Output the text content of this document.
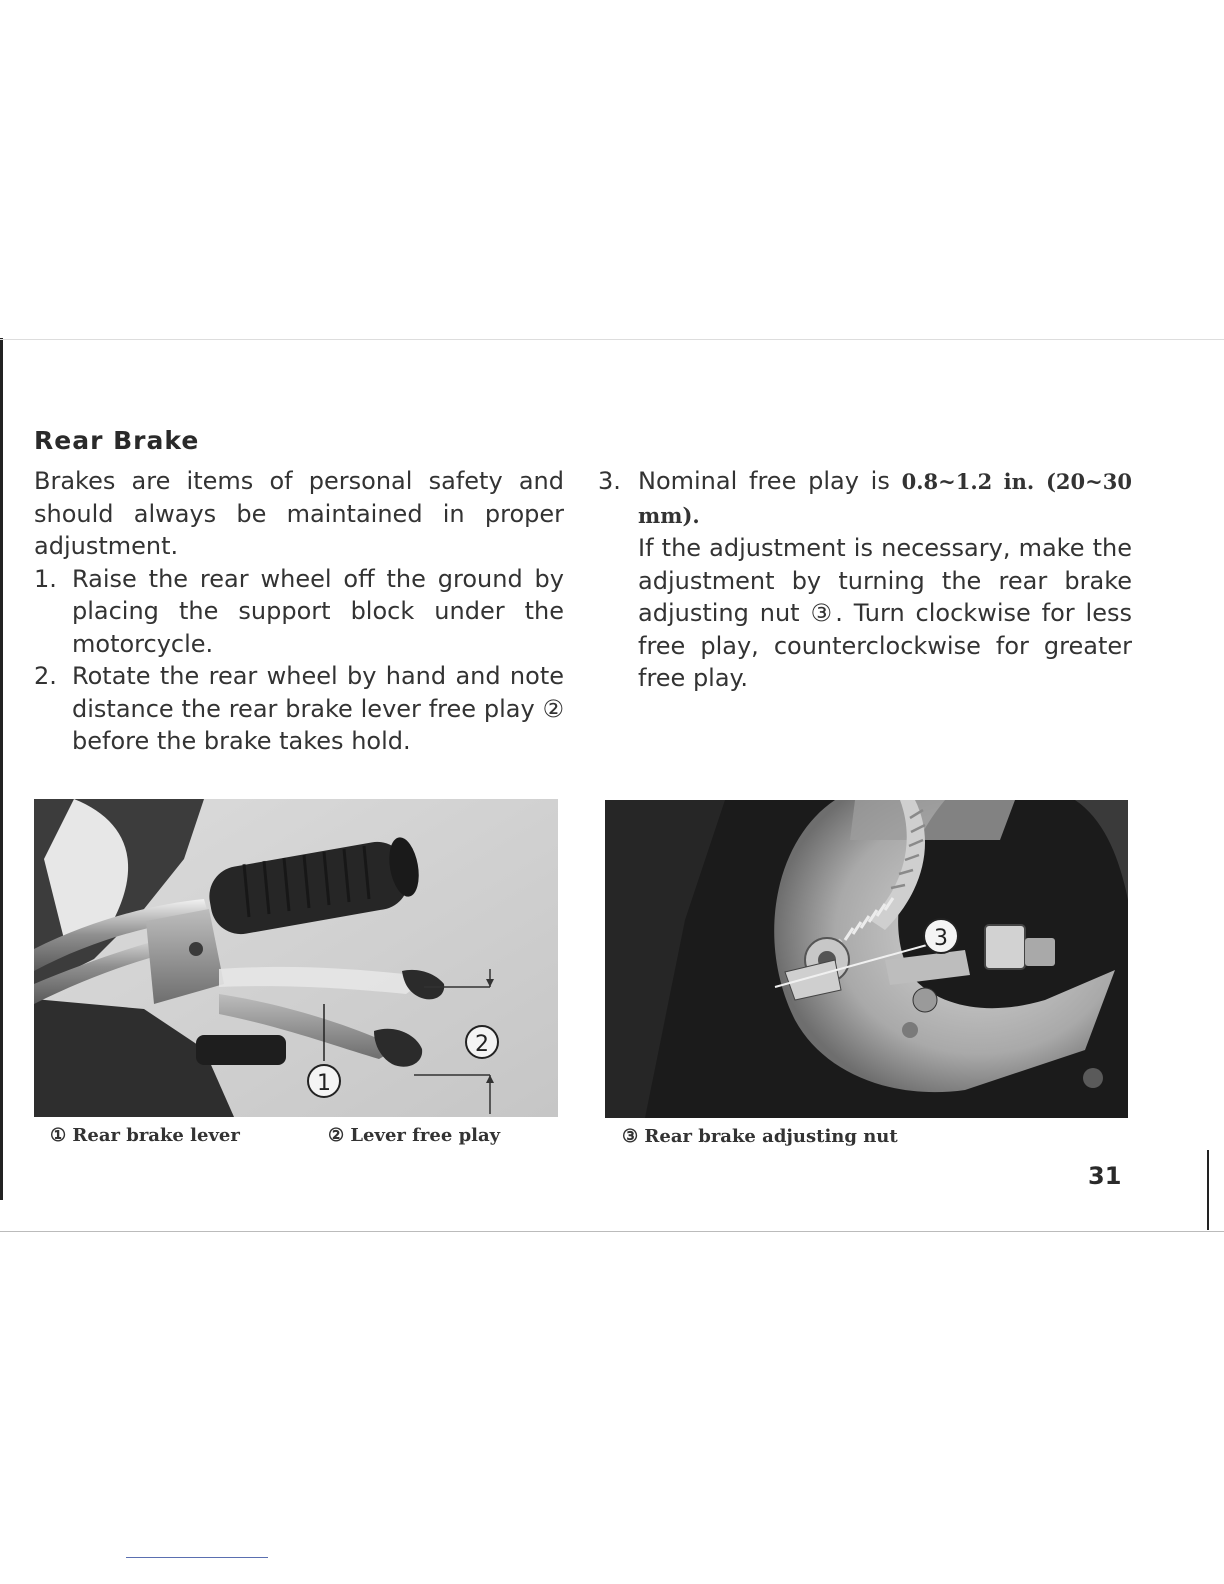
Rear Brake

Brakes are items of personal safety and should always be maintained in proper adjustment.

1. Raise the rear wheel off the ground by placing the support block under the motorcycle.
2. Rotate the rear wheel by hand and note distance the rear brake lever free play ② before the brake takes hold.
3. Nominal free play is 0.8~1.2 in. (20~30 mm).
If the adjustment is necessary, make the adjustment by turning the rear brake adjusting nut ③. Turn clockwise for less free play, counterclockwise for greater free play.
1
2
① Rear brake lever	② Lever free play
3
③ Rear brake adjusting nut
31
